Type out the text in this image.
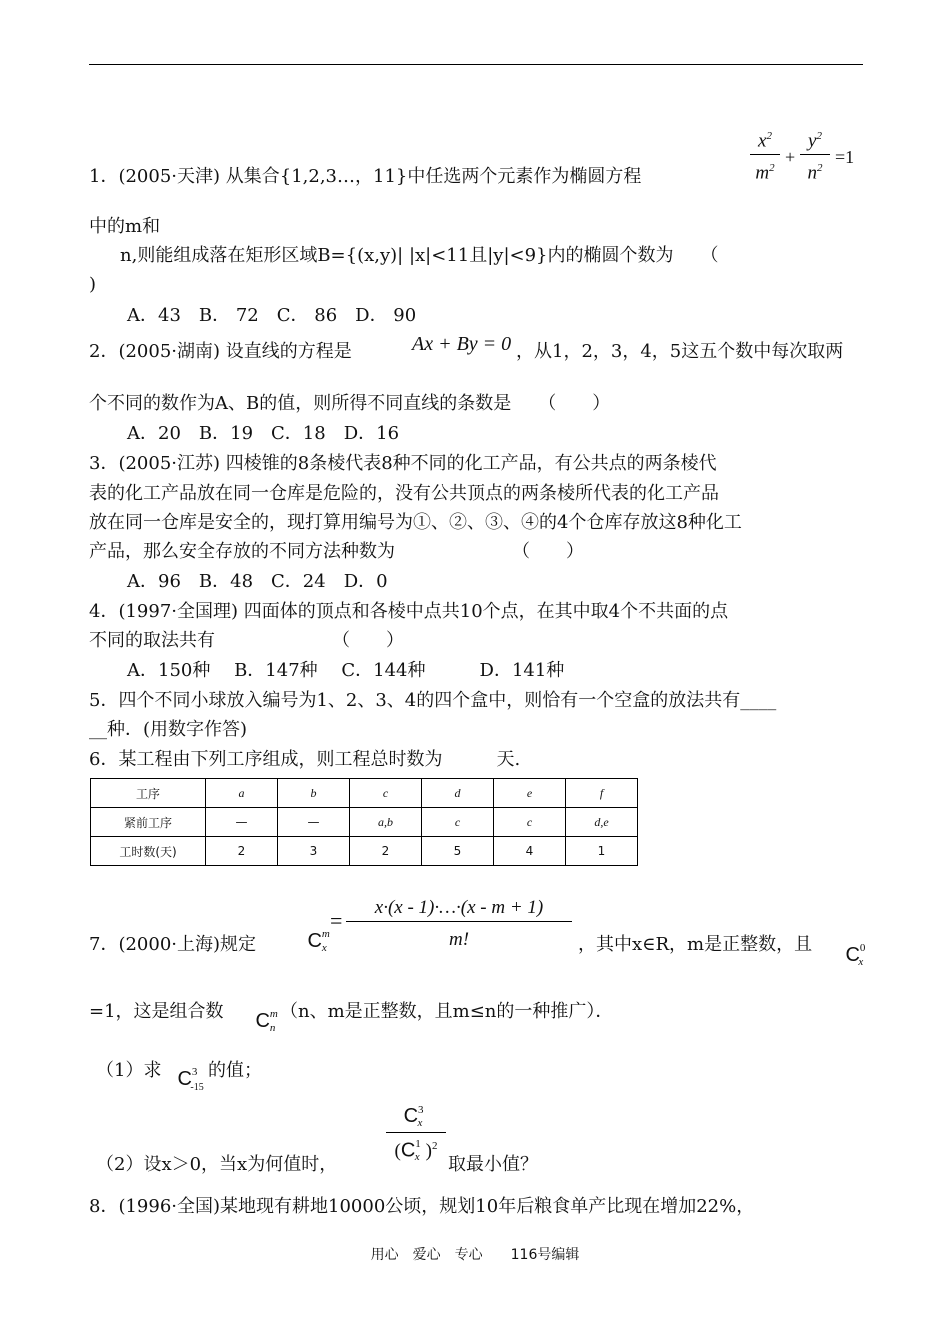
1．(2005·天津) 从集合{1,2,3…，11}中任选两个元素作为椭圆方程
$x^2$
$m^2$
+
$y^2$
$n^2$
=1
中的m和
n,则能组成落在矩形区域B={(x,y)| |x|<11且|y|<9}内的椭圆个数为　　（
)
A．43　B． 72　C． 86　D． 90
2．(2005·湖南) 设直线的方程是	Ax + By = 0 ，从1，2，3，4，5这五个数中每次取两
个不同的数作为A、B的值，则所得不同直线的条数是　　（　　）
A．20　B．19　C．18　D．16
3．(2005·江苏) 四棱锥的8条棱代表8种不同的化工产品，有公共点的两条棱代
表的化工产品放在同一仓库是危险的，没有公共顶点的两条棱所代表的化工产品
放在同一仓库是安全的，现打算用编号为①、②、③、④的4个仓库存放这8种化工
产品，那么安全存放的不同方法种数为　　　　　　　（　　）
A．96　B．48　C．24　D．0
4．(1997·全国理) 四面体的顶点和各棱中点共10个点，在其中取4个不共面的点
不同的取法共有　　　　　　　（　　）
A．150种　 B．147种　 C．144种　　　D．141种
5．四个不同小球放入编号为1、2、3、4的四个盒中，则恰有一个空盒的放法共有____
__种．(用数字作答)
6．某工程由下列工序组成，则工程总时数为　　　天.
工序	a	b	c	d	e	f
紧前工序	—	—	a,b	c	c	d,e
工时数(天)	2	3	2	5	4	1
7．(2000·上海)规定	$C^m_x$

=
x·(x - 1)·…·(x - m + 1)
m!	，其中x∈R，m是正整数，且	$C^0_x$

=1，这是组合数	$C^m_n$

（n、m是正整数，且m≤n的一种推广）．
（1）求 $C^3_{-15}$

的值；
（2）设x＞0，当x为何值时，
$C^3_x$
($C^1_x$ )$^2$
取最小值？
8．(1996·全国)某地现有耕地10000公顷，规划10年后粮食单产比现在增加22%，
用心　爱心　专心　　116号编辑
